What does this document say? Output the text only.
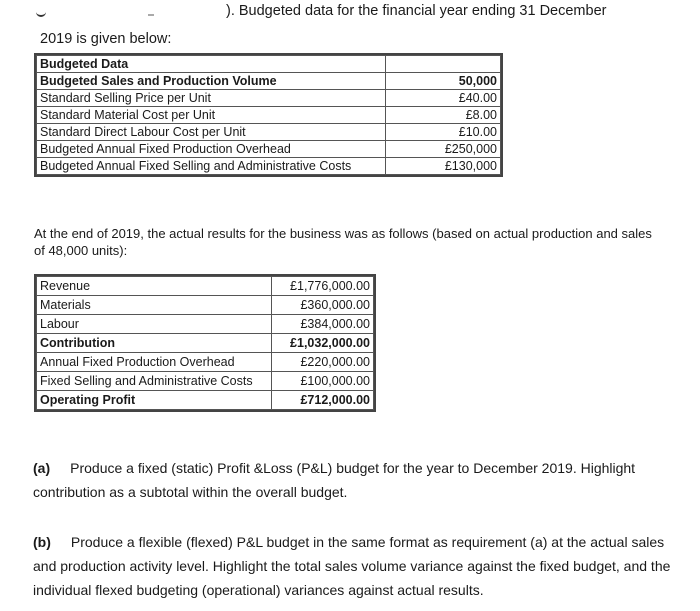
). Budgeted data for the financial year ending 31 December
2019 is given below:
Budgeted Data	
Budgeted Sales and Production Volume	50,000
Standard Selling Price per Unit	£40.00
Standard Material Cost per Unit	£8.00
Standard Direct Labour Cost per Unit	£10.00
Budgeted Annual Fixed Production Overhead	£250,000
Budgeted Annual Fixed Selling and Administrative Costs	£130,000
At the end of 2019, the actual results for the business was as follows (based on actual production and sales of 48,000 units):
Revenue	£1,776,000.00
Materials	£360,000.00
Labour	£384,000.00
Contribution	£1,032,000.00
Annual Fixed Production Overhead	£220,000.00
Fixed Selling and Administrative Costs	£100,000.00
Operating Profit	£712,000.00
(a) Produce a fixed (static) Profit &Loss (P&L) budget for the year to December 2019. Highlight contribution as a subtotal within the overall budget.
(b) Produce a flexible (flexed) P&L budget in the same format as requirement (a) at the actual sales and production activity level. Highlight the total sales volume variance against the fixed budget, and the individual flexed budgeting (operational) variances against actual results.
